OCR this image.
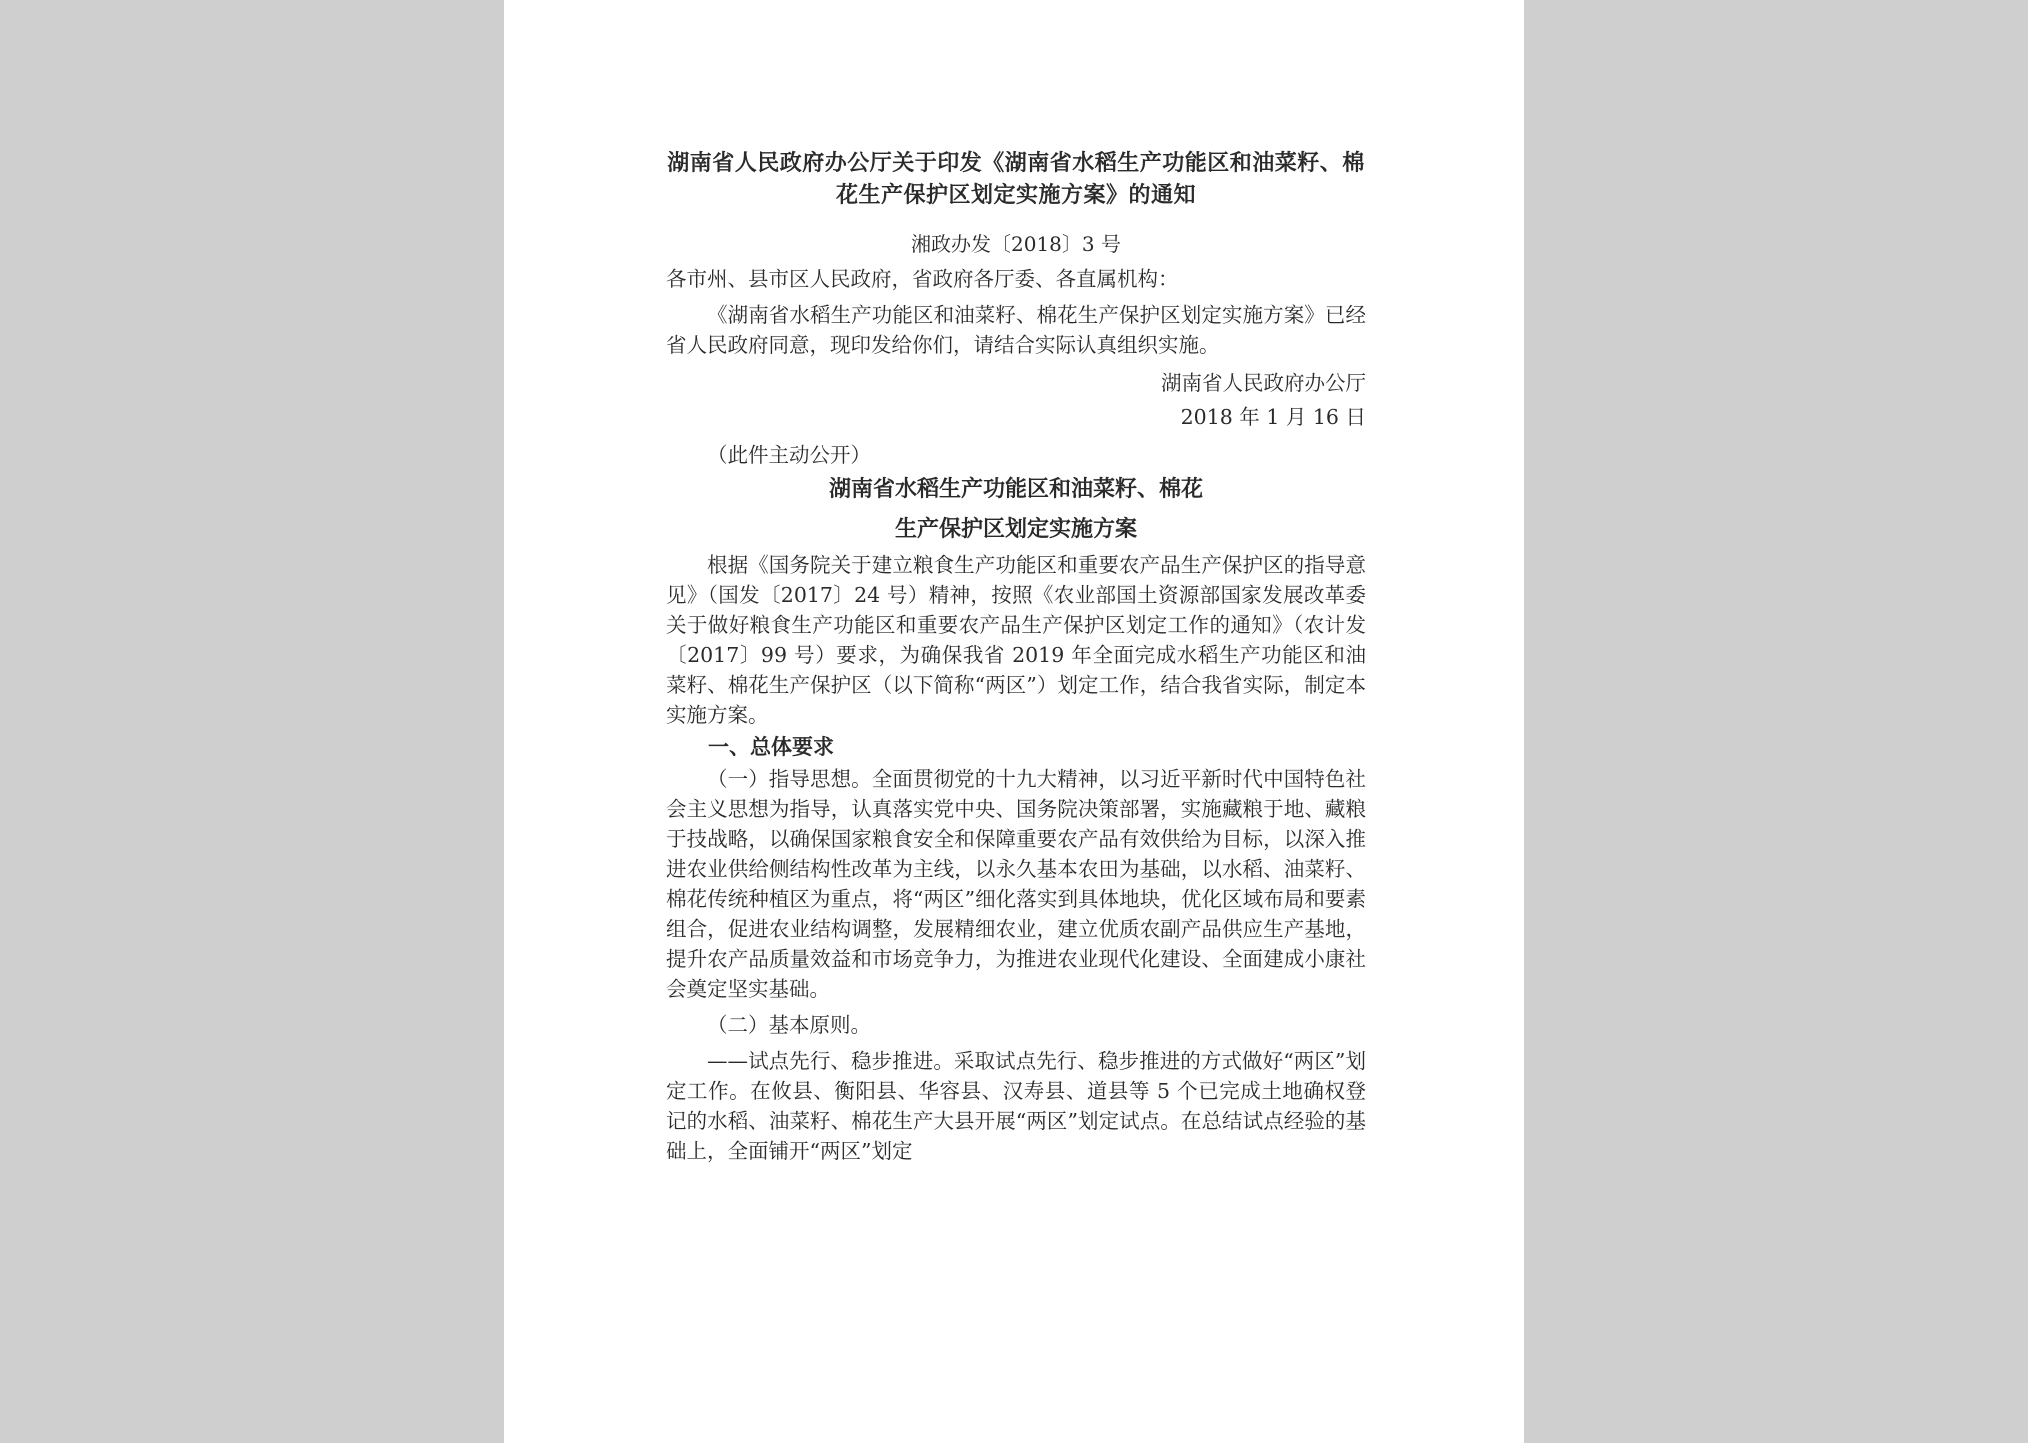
湖南省人民政府办公厅关于印发《湖南省水稻生产功能区和油菜籽、棉花生产保护区划定实施方案》的通知
湘政办发〔2018〕3 号

各市州、县市区人民政府，省政府各厅委、各直属机构：

《湖南省水稻生产功能区和油菜籽、棉花生产保护区划定实施方案》已经省人民政府同意，现印发给你们，请结合实际认真组织实施。

湖南省人民政府办公厅
2018 年 1 月 16 日

（此件主动公开）

湖南省水稻生产功能区和油菜籽、棉花
生产保护区划定实施方案

根据《国务院关于建立粮食生产功能区和重要农产品生产保护区的指导意见》（国发〔2017〕24 号）精神，按照《农业部国土资源部国家发展改革委关于做好粮食生产功能区和重要农产品生产保护区划定工作的通知》（农计发〔2017〕99 号）要求，为确保我省 2019 年全面完成水稻生产功能区和油菜籽、棉花生产保护区（以下简称“两区”）划定工作，结合我省实际，制定本实施方案。

一、总体要求

（一）指导思想。全面贯彻党的十九大精神，以习近平新时代中国特色社会主义思想为指导，认真落实党中央、国务院决策部署，实施藏粮于地、藏粮于技战略，以确保国家粮食安全和保障重要农产品有效供给为目标，以深入推进农业供给侧结构性改革为主线，以永久基本农田为基础，以水稻、油菜籽、棉花传统种植区为重点，将“两区”细化落实到具体地块，优化区域布局和要素组合，促进农业结构调整，发展精细农业，建立优质农副产品供应生产基地，提升农产品质量效益和市场竞争力，为推进农业现代化建设、全面建成小康社会奠定坚实基础。

（二）基本原则。

——试点先行、稳步推进。采取试点先行、稳步推进的方式做好“两区”划定工作。在攸县、衡阳县、华容县、汉寿县、道县等 5 个已完成土地确权登记的水稻、油菜籽、棉花生产大县开展“两区”划定试点。在总结试点经验的基础上，全面铺开“两区”划定
